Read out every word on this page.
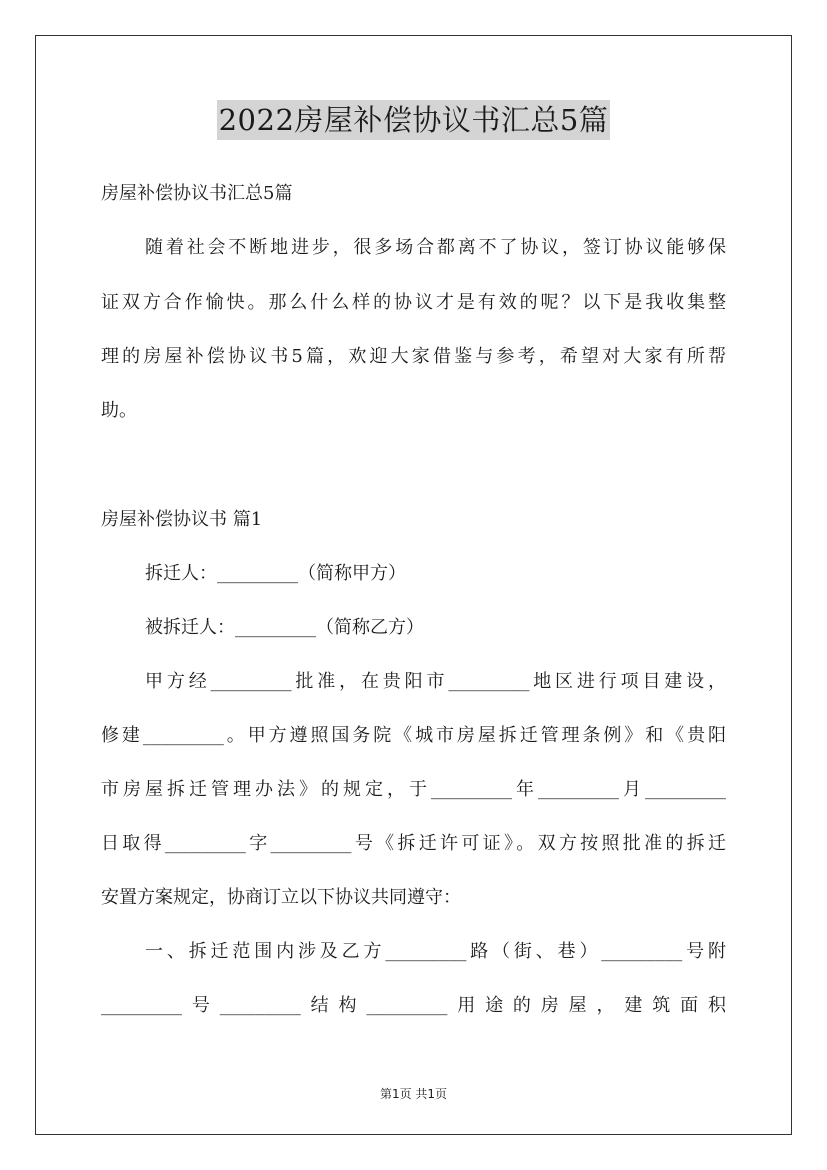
2022房屋补偿协议书汇总5篇
房屋补偿协议书汇总5篇
随着社会不断地进步，很多场合都离不了协议，签订协议能够保
证双方合作愉快。那么什么样的协议才是有效的呢？以下是我收集整
理的房屋补偿协议书5篇，欢迎大家借鉴与参考，希望对大家有所帮
助。
房屋补偿协议书 篇1
拆迁人：_________（简称甲方）
被拆迁人：_________（简称乙方）
甲方经_________批准，在贵阳市_________地区进行项目建设，
修建_________。甲方遵照国务院《城市房屋拆迁管理条例》和《贵阳
市房屋拆迁管理办法》的规定，于_________年_________月_________
日取得_________字_________号《拆迁许可证》。双方按照批准的拆迁
安置方案规定，协商订立以下协议共同遵守：
一、拆迁范围内涉及乙方_________路（街、巷）_________号附
_________号_________结构_________用途的房屋，建筑面积
第1页 共1页
